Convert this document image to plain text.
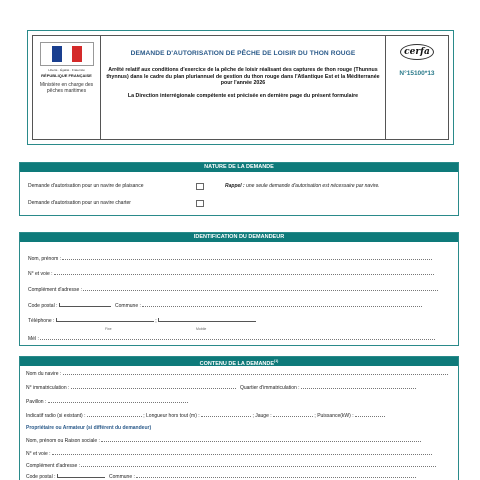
Liberté · Égalité · Fraternité
RÉPUBLIQUE FRANÇAISE
Ministère en charge des pêches maritimes
DEMANDE D'AUTORISATION DE PÊCHE DE LOISIR DU THON ROUGE
Arrêté relatif aux conditions d'exercice de la pêche de loisir réalisant des captures de thon rouge (Thunnus thynnus) dans le cadre du plan pluriannuel de gestion du thon rouge dans l'Atlantique Est et la Méditerranée pour l'année 2026
La Direction interrégionale compétente est précisée en dernière page du présent formulaire
cerfa
N°15100*13
NATURE DE LA DEMANDE
Demande d'autorisation pour un navire de plaisance	Rappel : une seule demande d'autorisation est nécessaire par navire.
Demande d'autorisation pour un navire charter
IDENTIFICATION DU DEMANDEUR
Nom, prénom :
N° et voie :
Complément d'adresse :
Code postal :	Commune :
Téléphone :	;
Fixe	Mobile
Mél :
CONTENU DE LA DEMANDE$^{(1)}$
Nom du navire :
N° immatriculation :	Quartier d'immatriculation :
Pavillon :
Indicatif radio (si existant) :	; Longueur hors tout (m) :	; Jauge :	; Puissance(kW) :
Propriétaire ou Armateur (si différent du demandeur)
Nom, prénom ou Raison sociale :
N° et voie :
Complément d'adresse :
Code postal :	Commune :
